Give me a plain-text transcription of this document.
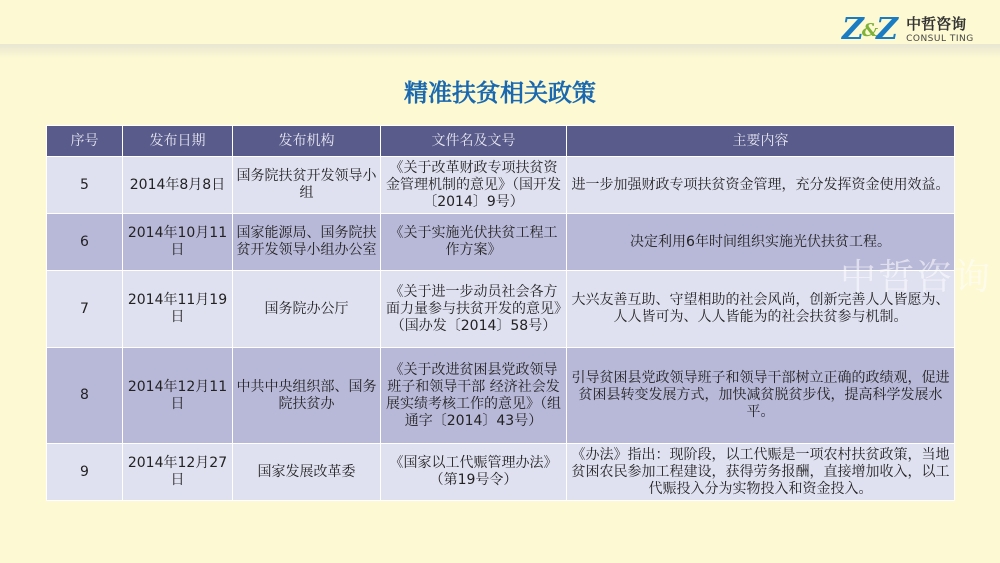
Z&Z 中哲咨询
CONSUL TING
精准扶贫相关政策
序号	发布日期	发布机构	文件名及文号	主要内容
5	2014年8月8日	国务院扶贫开发领导小组	《关于改革财政专项扶贫资金管理机制的意见》（国开发〔2014〕9号）	进一步加强财政专项扶贫资金管理，充分发挥资金使用效益。
6	2014年10月11日	国家能源局、国务院扶贫开发领导小组办公室	《关于实施光伏扶贫工程工作方案》	决定利用6年时间组织实施光伏扶贫工程。
7	2014年11月19日	国务院办公厅	《关于进一步动员社会各方面力量参与扶贫开发的意见》（国办发〔2014〕58号）	大兴友善互助、守望相助的社会风尚，创新完善人人皆愿为、人人皆可为、人人皆能为的社会扶贫参与机制。
8	2014年12月11日	中共中央组织部、国务院扶贫办	《关于改进贫困县党政领导班子和领导干部 经济社会发展实绩考核工作的意见》（组通字〔2014〕43号）	引导贫困县党政领导班子和领导干部树立正确的政绩观，促进贫困县转变发展方式，加快减贫脱贫步伐，提高科学发展水平。
9	2014年12月27日	国家发展改革委	《国家以工代赈管理办法》（第19号令）	《办法》指出：现阶段，以工代赈是一项农村扶贫政策，当地贫困农民参加工程建设，获得劳务报酬，直接增加收入，以工代赈投入分为实物投入和资金投入。
中哲咨询
